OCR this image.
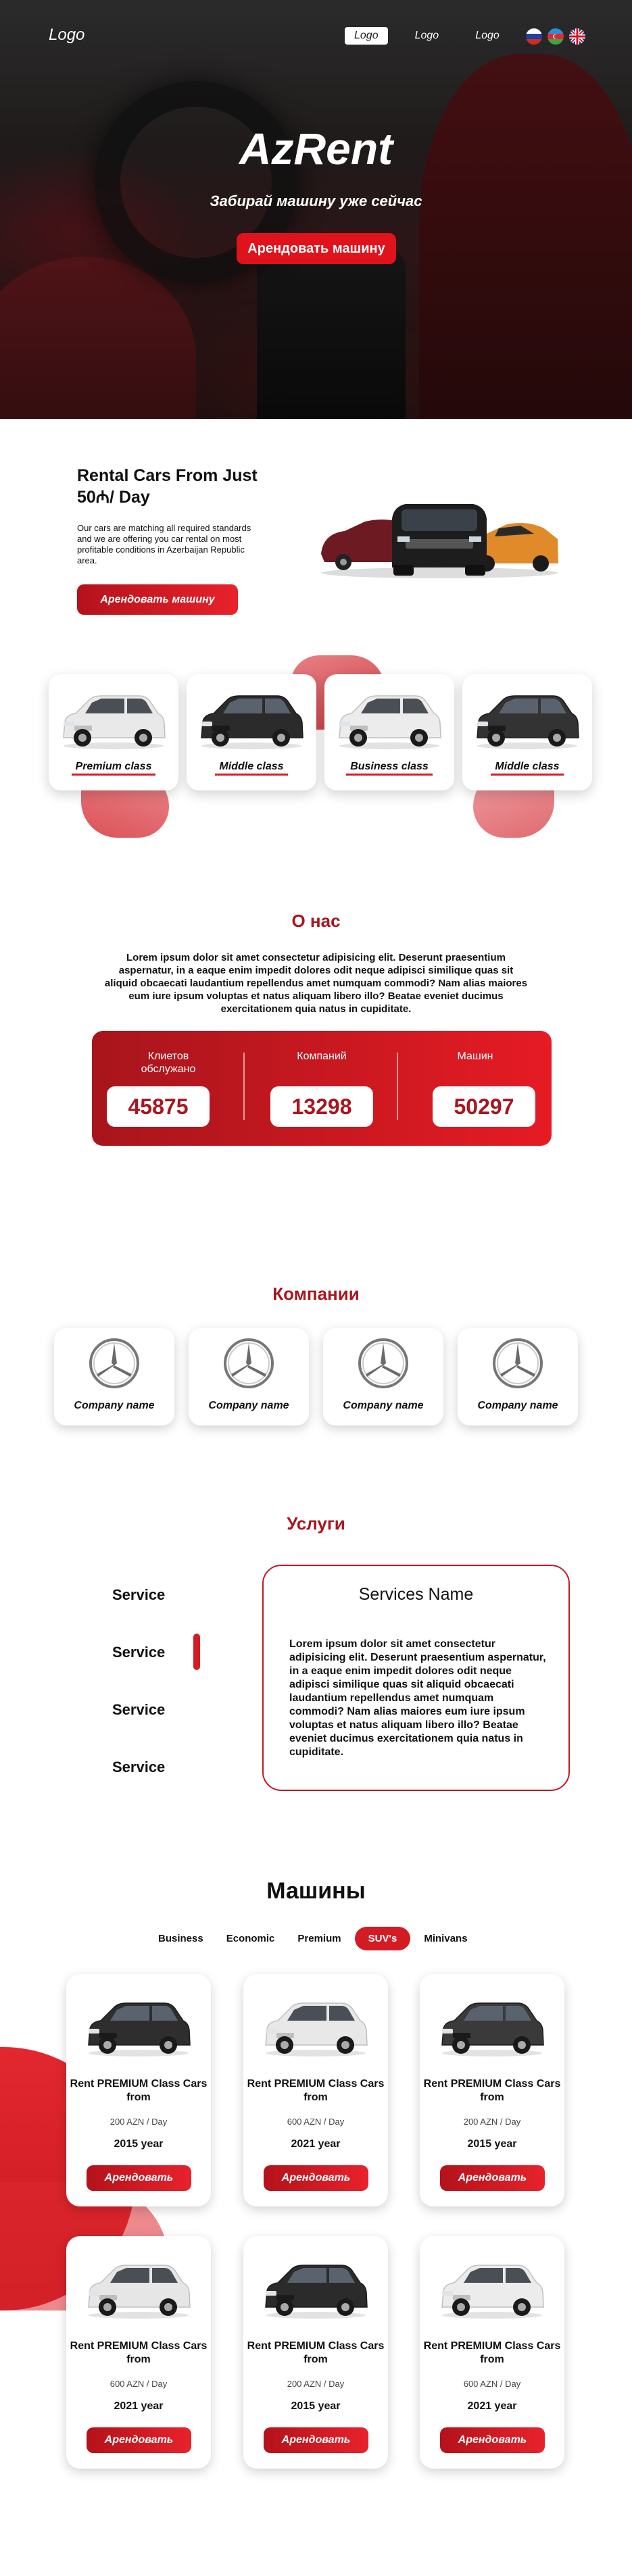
Logo	Logo	Logo	Logo
AzRent

Забирай машину уже сейчас

Арендовать машину
Rental Cars From Just 50₼/ Day

Our cars are matching all required standards and we are offering you car rental on most profitable conditions in Azerbaijan Republic area.

Арендовать машину
Premium class	Middle class	Business class	Middle class
О нас

Lorem ipsum dolor sit amet consectetur adipisicing elit. Deserunt praesentium aspernatur, in a eaque enim impedit dolores odit neque adipisci similique quas sit aliquid obcaecati laudantium repellendus amet numquam commodi? Nam alias maiores eum iure ipsum voluptas et natus aliquam libero illo? Beatae eveniet ducimus exercitationem quia natus in cupiditate.

Клиетов обслужано
45875
Компаний
13298
Машин
50297
Компании
Company name	Company name	Company name	Company name
Услуги
Service
Service
Service
Service
Services Name

Lorem ipsum dolor sit amet consectetur adipisicing elit. Deserunt praesentium aspernatur, in a eaque enim impedit dolores odit neque adipisci similique quas sit aliquid obcaecati laudantium repellendus amet numquam commodi? Nam alias maiores eum iure ipsum voluptas et natus aliquam libero illo? Beatae eveniet ducimus exercitationem quia natus in cupiditate.

Машины
Business	Economic	Premium	SUV's	Minivans
Rent PREMIUM Class Cars from
200 AZN / Day
2015 year
Арендовать
Rent PREMIUM Class Cars from
600 AZN / Day
2021 year
Арендовать
Rent PREMIUM Class Cars from
200 AZN / Day
2015 year
Арендовать
Rent PREMIUM Class Cars from
600 AZN / Day
2021 year
Арендовать
Rent PREMIUM Class Cars from
200 AZN / Day
2015 year
Арендовать
Rent PREMIUM Class Cars from
600 AZN / Day
2021 year
Арендовать
